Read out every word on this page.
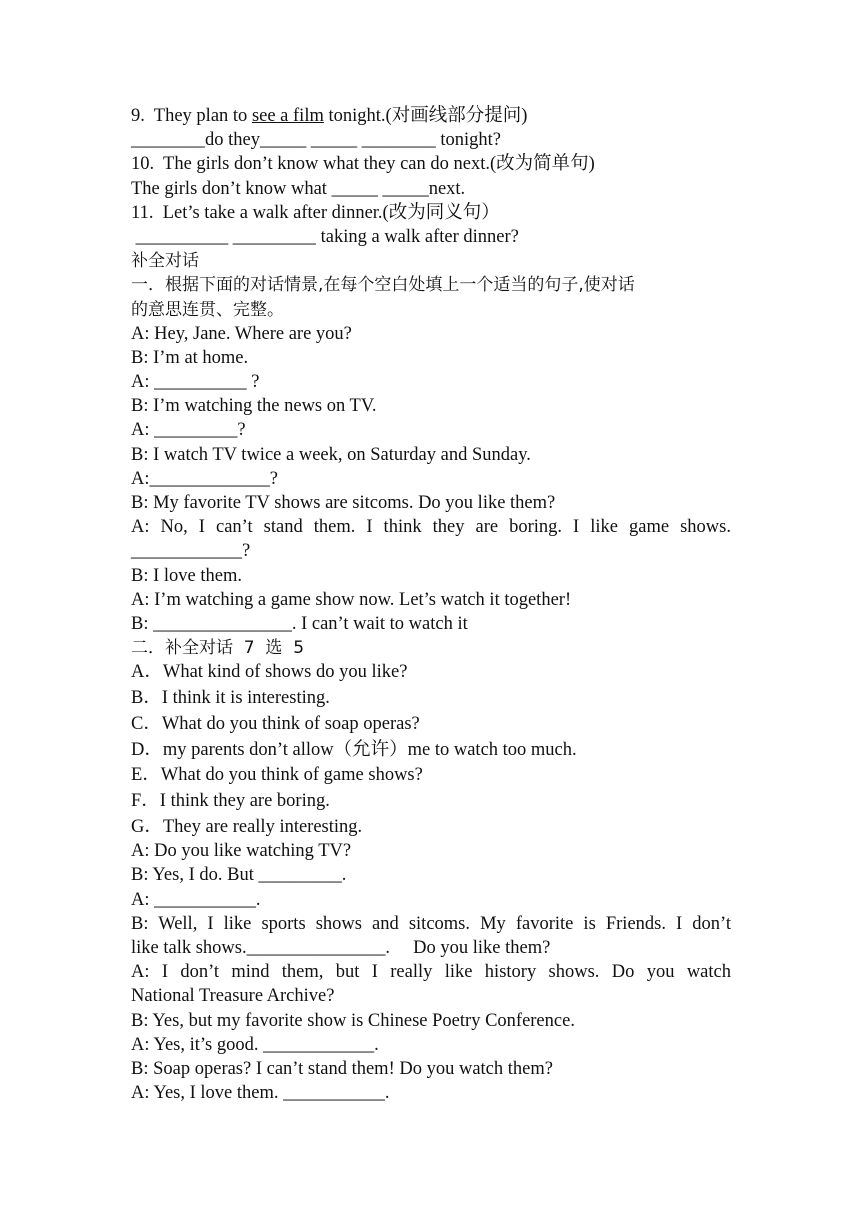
9. They plan to see a film tonight.(对画线部分提问)
________do they_____ _____ ________ tonight?
10.  The girls don’t know what they can do next.(改为简单句)
The girls don’t know what _____ _____next.
11.  Let’s take a walk after dinner.(改为同义句）
__________ _________ taking a walk after dinner?
补全对话
一．根据下面的对话情景,在每个空白处填上一个适当的句子,使对话
的意思连贯、完整。
A: Hey, Jane. Where are you?
B: I’m at home.
A: __________ ?
B: I’m watching the news on TV.
A: _________?
B: I watch TV twice a week, on Saturday and Sunday.
A:_____________?
B: My favorite TV shows are sitcoms. Do you like them?
A: No, I can’t stand them. I think they are boring. I like game shows.
____________?
B: I love them.
A: I’m watching a game show now. Let’s watch it together!
B: _______________. I can’t wait to watch it
二．补全对话  7  选  5
A．What kind of shows do you like?
B．I think it is interesting.
C．What do you think of soap operas?
D．my parents don’t allow（允许）me to watch too much.
E．What do you think of game shows?
F．I think they are boring.
G．They are really interesting.
A: Do you like watching TV?
B: Yes, I do. But _________.
A: ___________.
B: Well, I like sports shows and sitcoms. My favorite is Friends. I don’t
like talk shows._______________.     Do you like them?
A: I don’t mind them, but I really like history shows. Do you watch
National Treasure Archive?
B: Yes, but my favorite show is Chinese Poetry Conference.
A: Yes, it’s good. ____________.
B: Soap operas? I can’t stand them! Do you watch them?
A: Yes, I love them. ___________.
